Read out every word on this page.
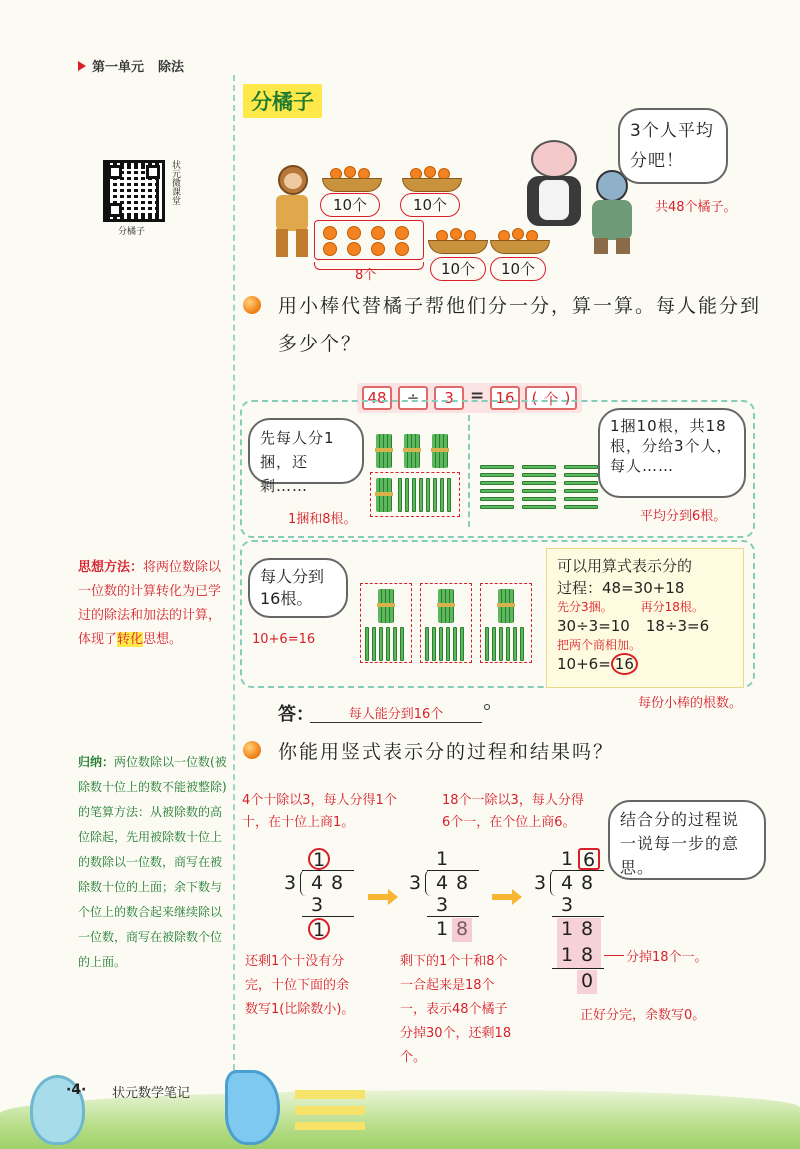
第一单元 除法
状元微课堂
分橘子
分橘子
10个	10个
8个	10个	10个
3个人平均分吧！
共48个橘子。
用小棒代替橘子帮他们分一分，算一算。每人能分到多少个？
48	÷	3 = 16	( 个 )
先每人分1捆，还剩……
1捆和8根。
1捆10根，共18根，分给3个人，每人……
平均分到6根。
每人分到16根。
10+6=16
可以用算式表示分的
过程：48=30+18
先分3捆。 再分18根。
30÷3=10 18÷3=6
把两个商相加。
10+6= 16
每份小棒的根数。
答：	每人能分到16个
你能用竖式表示分的过程和结果吗？
4个十除以3，每人分得1个十，在十位上商1。
18个一除以3，每人分得6个一，在个位上商6。	结合分的过程说一说每一步的意思。
1
3 4 8
3
1
1
3 4 8
3
1 8
1 6
3 4 8
3
1 8
1 8
0
分掉18个一。
还剩1个十没有分完，十位下面的余数写1(比除数小)。
剩下的1个十和8个一合起来是18个一，表示48个橘子分掉30个，还剩18个。
正好分完，余数写0。
思想方法：将两位数除以一位数的计算转化为已学过的除法和加法的计算，体现了转化思想。
归纳：两位数除以一位数(被除数十位上的数不能被整除)的笔算方法：从被除数的高位除起，先用被除数十位上的数除以一位数，商写在被除数十位的上面；余下数与个位上的数合起来继续除以一位数，商写在被除数个位的上面。
·4· 状元数学笔记
